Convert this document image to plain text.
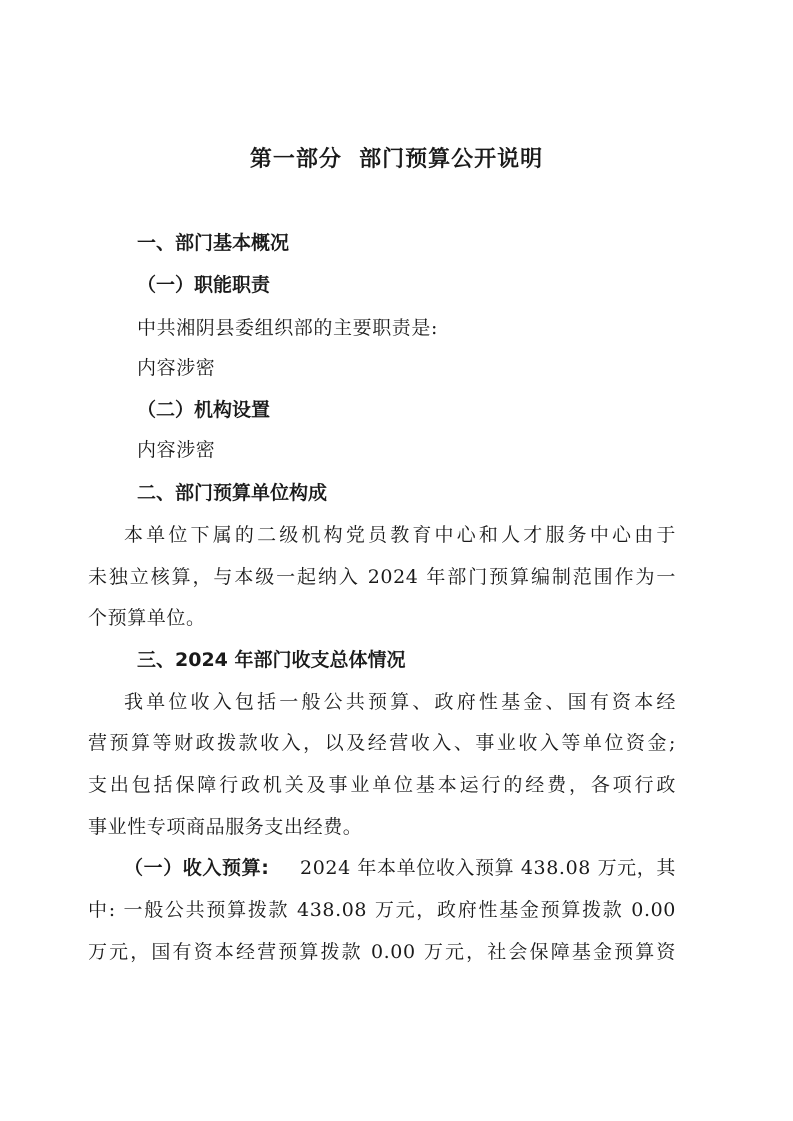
第一部分  部门预算公开说明
一、部门基本概况
（一）职能职责
中共湘阴县委组织部的主要职责是:
内容涉密
（二）机构设置
内容涉密
二、部门预算单位构成
本单位下属的二级机构党员教育中心和人才服务中心由于
未独立核算，与本级一起纳入 2024 年部门预算编制范围作为一
个预算单位。
三、2024 年部门收支总体情况
我单位收入包括一般公共预算、政府性基金、国有资本经
营预算等财政拨款收入，以及经营收入、事业收入等单位资金;
支出包括保障行政机关及事业单位基本运行的经费，各项行政
事业性专项商品服务支出经费。
（一）收入预算: 2024 年本单位收入预算 438.08 万元，其
中: 一般公共预算拨款 438.08 万元，政府性基金预算拨款 0.00
万元，国有资本经营预算拨款 0.00 万元，社会保障基金预算资
